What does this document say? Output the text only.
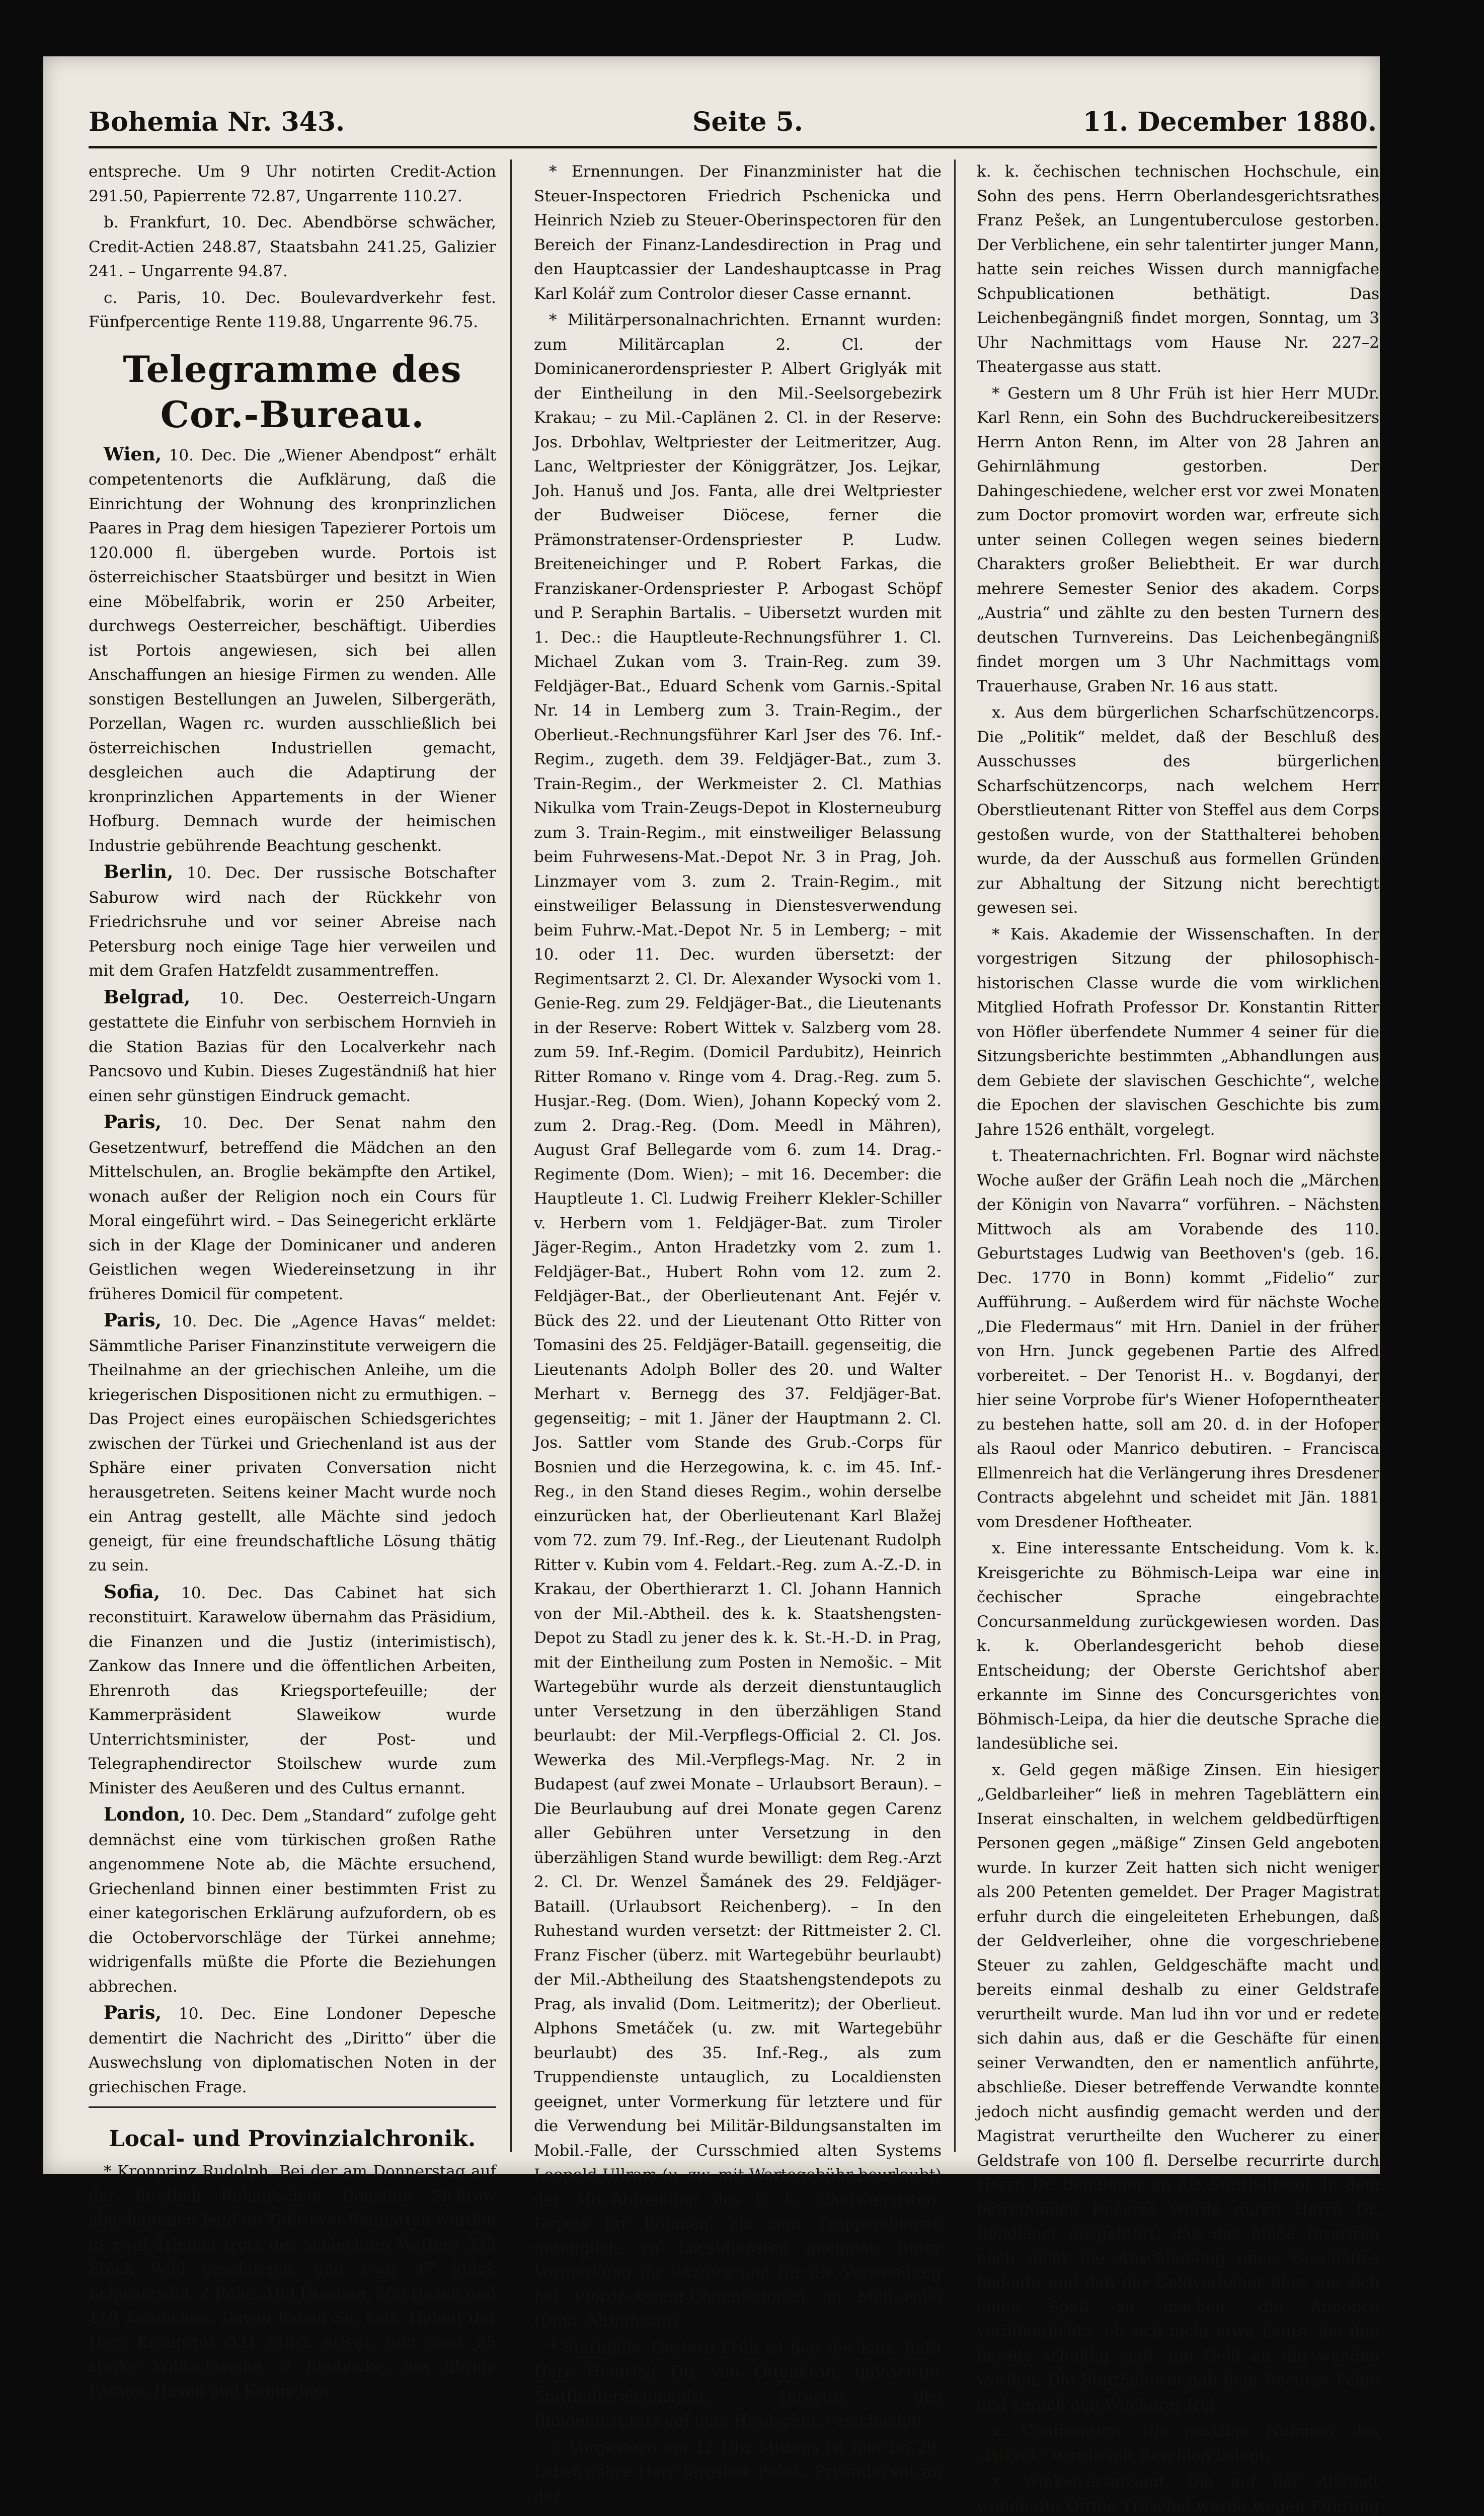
Bohemia Nr. 343.	Seite 5.	11. December 1880.

entspreche. Um 9 Uhr notirten Credit-Action 291.50, Papierrente 72.87, Ungarrente 110.27.

b. Frankfurt, 10. Dec. Abendbörse schwächer, Credit-Actien 248.87, Staatsbahn 241.25, Galizier 241. – Ungarrente 94.87.

c. Paris, 10. Dec. Boulevardverkehr fest. Fünfpercentige Rente 119.88, Ungarrente 96.75.

Telegramme des Cor.-Bureau.

Wien, 10. Dec. Die „Wiener Abendpost“ erhält competentenorts die Aufklärung, daß die Einrichtung der Wohnung des kronprinzlichen Paares in Prag dem hiesigen Tapezierer Portois um 120.000 fl. übergeben wurde. Portois ist österreichischer Staatsbürger und besitzt in Wien eine Möbelfabrik, worin er 250 Arbeiter, durchwegs Oesterreicher, beschäftigt. Uiberdies ist Portois angewiesen, sich bei allen Anschaffungen an hiesige Firmen zu wenden. Alle sonstigen Bestellungen an Juwelen, Silbergeräth, Porzellan, Wagen rc. wurden ausschließlich bei österreichischen Industriellen gemacht, desgleichen auch die Adaptirung der kronprinzlichen Appartements in der Wiener Hofburg. Demnach wurde der heimischen Industrie gebührende Beachtung geschenkt.

Berlin, 10. Dec. Der russische Botschafter Saburow wird nach der Rückkehr von Friedrichsruhe und vor seiner Abreise nach Petersburg noch einige Tage hier verweilen und mit dem Grafen Hatzfeldt zusammentreffen.

Belgrad, 10. Dec. Oesterreich-Ungarn gestattete die Einfuhr von serbischem Hornvieh in die Station Bazias für den Localverkehr nach Pancsovo und Kubin. Dieses Zugeständniß hat hier einen sehr günstigen Eindruck gemacht.

Paris, 10. Dec. Der Senat nahm den Gesetzentwurf, betreffend die Mädchen an den Mittelschulen, an. Broglie bekämpfte den Artikel, wonach außer der Religion noch ein Cours für Moral eingeführt wird. – Das Seinegericht erklärte sich in der Klage der Dominicaner und anderen Geistlichen wegen Wiedereinsetzung in ihr früheres Domicil für competent.

Paris, 10. Dec. Die „Agence Havas“ meldet: Sämmtliche Pariser Finanzinstitute verweigern die Theilnahme an der griechischen Anleihe, um die kriegerischen Dispositionen nicht zu ermuthigen. – Das Project eines europäischen Schiedsgerichtes zwischen der Türkei und Griechenland ist aus der Sphäre einer privaten Conversation nicht herausgetreten. Seitens keiner Macht wurde noch ein Antrag gestellt, alle Mächte sind jedoch geneigt, für eine freundschaftliche Lösung thätig zu sein.

Sofia, 10. Dec. Das Cabinet hat sich reconstituirt. Karawelow übernahm das Präsidium, die Finanzen und die Justiz (interimistisch), Zankow das Innere und die öffentlichen Arbeiten, Ehrenroth das Kriegsportefeuille; der Kammerpräsident Slaweikow wurde Unterrichtsminister, der Post- und Telegraphendirector Stoilschew wurde zum Minister des Aeußeren und des Cultus ernannt.

London, 10. Dec. Dem „Standard“ zufolge geht demnächst eine vom türkischen großen Rathe angenommene Note ab, die Mächte ersuchend, Griechenland binnen einer bestimmten Frist zu einer kategorischen Erklärung aufzufordern, ob es die Octobervorschläge der Türkei annehme; widrigenfalls müßte die Pforte die Beziehungen abbrechen.

Paris, 10. Dec. Eine Londoner Depesche dementirt die Nachricht des „Diritto“ über die Auswechslung von diplomatischen Noten in der griechischen Frage.

Local- und Provinzialchronik.

* Kronprinz Rudolph. Bei der am Donnerstag auf der fürstlich Rohan'schen Domaine Sichrow abgehaltenen Jagd im Zehrower Saugarten wurden in zwei Trieben trotz des schlechten Wetters 333 Stück Wild geschossen, und zwar 47 Stück Schwarzwild, 2 Rehe, 169 Fasanen, 505 Hasen und 110 Kaninchen. Davon haben Se. kais. Hoheit der Herr Kronprinz 331 Stück erlegt, und zwar 25 starke Wildschweine, 2 Rehböcke, das übrige Fasane, Hasen und Kaninchen.

* Ernennungen. Der Finanzminister hat die Steuer-Inspectoren Friedrich Pschenicka und Heinrich Nzieb zu Steuer-Oberinspectoren für den Bereich der Finanz-Landesdirection in Prag und den Hauptcassier der Landeshauptcasse in Prag Karl Kolář zum Controlor dieser Casse ernannt.

* Militärpersonalnachrichten. Ernannt wurden: zum Militärcaplan 2. Cl. der Dominicanerordenspriester P. Albert Griglyák mit der Eintheilung in den Mil.-Seelsorgebezirk Krakau; – zu Mil.-Caplänen 2. Cl. in der Reserve: Jos. Drbohlav, Weltpriester der Leitmeritzer, Aug. Lanc, Weltpriester der Königgrätzer, Jos. Lejkar, Joh. Hanuš und Jos. Fanta, alle drei Weltpriester der Budweiser Diöcese, ferner die Prämonstratenser-Ordenspriester P. Ludw. Breiteneichinger und P. Robert Farkas, die Franziskaner-Ordenspriester P. Arbogast Schöpf und P. Seraphin Bartalis. – Uibersetzt wurden mit 1. Dec.: die Hauptleute-Rechnungsführer 1. Cl. Michael Zukan vom 3. Train-Reg. zum 39. Feldjäger-Bat., Eduard Schenk vom Garnis.-Spital Nr. 14 in Lemberg zum 3. Train-Regim., der Oberlieut.-Rechnungsführer Karl Jser des 76. Inf.-Regim., zugeth. dem 39. Feldjäger-Bat., zum 3. Train-Regim., der Werkmeister 2. Cl. Mathias Nikulka vom Train-Zeugs-Depot in Klosterneuburg zum 3. Train-Regim., mit einstweiliger Belassung beim Fuhrwesens-Mat.-Depot Nr. 3 in Prag, Joh. Linzmayer vom 3. zum 2. Train-Regim., mit einstweiliger Belassung in Dienstesverwendung beim Fuhrw.-Mat.-Depot Nr. 5 in Lemberg; – mit 10. oder 11. Dec. wurden übersetzt: der Regimentsarzt 2. Cl. Dr. Alexander Wysocki vom 1. Genie-Reg. zum 29. Feldjäger-Bat., die Lieutenants in der Reserve: Robert Wittek v. Salzberg vom 28. zum 59. Inf.-Regim. (Domicil Pardubitz), Heinrich Ritter Romano v. Ringe vom 4. Drag.-Reg. zum 5. Husjar.-Reg. (Dom. Wien), Johann Kopecký vom 2. zum 2. Drag.-Reg. (Dom. Meedl in Mähren), August Graf Bellegarde vom 6. zum 14. Drag.-Regimente (Dom. Wien); – mit 16. December: die Hauptleute 1. Cl. Ludwig Freiherr Klekler-Schiller v. Herbern vom 1. Feldjäger-Bat. zum Tiroler Jäger-Regim., Anton Hradetzky vom 2. zum 1. Feldjäger-Bat., Hubert Rohn vom 12. zum 2. Feldjäger-Bat., der Oberlieutenant Ant. Fejér v. Bück des 22. und der Lieutenant Otto Ritter von Tomasini des 25. Feldjäger-Bataill. gegenseitig, die Lieutenants Adolph Boller des 20. und Walter Merhart v. Bernegg des 37. Feldjäger-Bat. gegenseitig; – mit 1. Jäner der Hauptmann 2. Cl. Jos. Sattler vom Stande des Grub.-Corps für Bosnien und die Herzegowina, k. c. im 45. Inf.-Reg., in den Stand dieses Regim., wohin derselbe einzurücken hat, der Oberlieutenant Karl Blažej vom 72. zum 79. Inf.-Reg., der Lieutenant Rudolph Ritter v. Kubin vom 4. Feldart.-Reg. zum A.-Z.-D. in Krakau, der Oberthierarzt 1. Cl. Johann Hannich von der Mil.-Abtheil. des k. k. Staatshengsten-Depot zu Stadl zu jener des k. k. St.-H.-D. in Prag, mit der Eintheilung zum Posten in Nemošic. – Mit Wartegebühr wurde als derzeit dienstuntauglich unter Versetzung in den überzähligen Stand beurlaubt: der Mil.-Verpflegs-Official 2. Cl. Jos. Wewerka des Mil.-Verpflegs-Mag. Nr. 2 in Budapest (auf zwei Monate – Urlaubsort Beraun). – Die Beurlaubung auf drei Monate gegen Carenz aller Gebühren unter Versetzung in den überzähligen Stand wurde bewilligt: dem Reg.-Arzt 2. Cl. Dr. Wenzel Šamánek des 29. Feldjäger-Bataill. (Urlaubsort Reichenberg). – In den Ruhestand wurden versetzt: der Rittmeister 2. Cl. Franz Fischer (überz. mit Wartegebühr beurlaubt) der Mil.-Abtheilung des Staatshengstendepots zu Prag, als invalid (Dom. Leitmeritz); der Oberlieut. Alphons Smetáček (u. zw. mit Wartegebühr beurlaubt) des 35. Inf.-Reg., als zum Truppendienste untauglich, zu Localdiensten geeignet, unter Vormerkung für letztere und für die Verwendung bei Militär-Bildungsanstalten im Mobil.-Falle, der Cursschmied alten Systems Leopold Ullram (u. zw. mit Wartegebühr beurlaubt) der Mil.-Abtheilung des k. k. Staatshengsten-Depots für Böhmen, als zum Truppendienste untauglich, zu Localdiensten geeignet, unter Vormerkung für letztere und für die Verwendung bei Pferde-Assent-Commissionen im Mob.-Falle (Dom. Altbunzlau).

* Sterbfälle. Gestern Früh ist hier der kais. Rath Herr Heinrich Ott von Ottenkron, quiescirter Statthaltereiconcipist, Director des Blindeninstituts auf dem Hradschin, verschieden.

x. Vorgestern um 12 Uhr Mittags ist hier im 29. Lebensjahre Herr Jaroslaw Pešek, Privatdocent an der

k. k. čechischen technischen Hochschule, ein Sohn des pens. Herrn Oberlandesgerichtsrathes Franz Pešek, an Lungentuberculose gestorben. Der Verblichene, ein sehr talentirter junger Mann, hatte sein reiches Wissen durch mannigfache Schpublicationen bethätigt. Das Leichenbegängniß findet morgen, Sonntag, um 3 Uhr Nachmittags vom Hause Nr. 227–2 Theatergasse aus statt.

* Gestern um 8 Uhr Früh ist hier Herr MUDr. Karl Renn, ein Sohn des Buchdruckereibesitzers Herrn Anton Renn, im Alter von 28 Jahren an Gehirnlähmung gestorben. Der Dahingeschiedene, welcher erst vor zwei Monaten zum Doctor promovirt worden war, erfreute sich unter seinen Collegen wegen seines biedern Charakters großer Beliebtheit. Er war durch mehrere Semester Senior des akadem. Corps „Austria“ und zählte zu den besten Turnern des deutschen Turnvereins. Das Leichenbegängniß findet morgen um 3 Uhr Nachmittags vom Trauerhause, Graben Nr. 16 aus statt.

x. Aus dem bürgerlichen Scharfschützencorps. Die „Politik“ meldet, daß der Beschluß des Ausschusses des bürgerlichen Scharfschützencorps, nach welchem Herr Oberstlieutenant Ritter von Steffel aus dem Corps gestoßen wurde, von der Statthalterei behoben wurde, da der Ausschuß aus formellen Gründen zur Abhaltung der Sitzung nicht berechtigt gewesen sei.

* Kais. Akademie der Wissenschaften. In der vorgestrigen Sitzung der philosophisch-historischen Classe wurde die vom wirklichen Mitglied Hofrath Professor Dr. Konstantin Ritter von Höfler überfendete Nummer 4 seiner für die Sitzungsberichte bestimmten „Abhandlungen aus dem Gebiete der slavischen Geschichte“, welche die Epochen der slavischen Geschichte bis zum Jahre 1526 enthält, vorgelegt.

t. Theaternachrichten. Frl. Bognar wird nächste Woche außer der Gräfin Leah noch die „Märchen der Königin von Navarra“ vorführen. – Nächsten Mittwoch als am Vorabende des 110. Geburtstages Ludwig van Beethoven's (geb. 16. Dec. 1770 in Bonn) kommt „Fidelio“ zur Aufführung. – Außerdem wird für nächste Woche „Die Fledermaus“ mit Hrn. Daniel in der früher von Hrn. Junck gegebenen Partie des Alfred vorbereitet. – Der Tenorist H.. v. Bogdanyi, der hier seine Vorprobe für's Wiener Hofoperntheater zu bestehen hatte, soll am 20. d. in der Hofoper als Raoul oder Manrico debutiren. – Francisca Ellmenreich hat die Verlängerung ihres Dresdener Contracts abgelehnt und scheidet mit Jän. 1881 vom Dresdener Hoftheater.

x. Eine interessante Entscheidung. Vom k. k. Kreisgerichte zu Böhmisch-Leipa war eine in čechischer Sprache eingebrachte Concursanmeldung zurückgewiesen worden. Das k. k. Oberlandesgericht behob diese Entscheidung; der Oberste Gerichtshof aber erkannte im Sinne des Concursgerichtes von Böhmisch-Leipa, da hier die deutsche Sprache die landesübliche sei.

x. Geld gegen mäßige Zinsen. Ein hiesiger „Geldbarleiher“ ließ in mehren Tageblättern ein Inserat einschalten, in welchem geldbedürftigen Personen gegen „mäßige“ Zinsen Geld angeboten wurde. In kurzer Zeit hatten sich nicht weniger als 200 Petenten gemeldet. Der Prager Magistrat erfuhr durch die eingeleiteten Erhebungen, daß der Geldverleiher, ohne die vorgeschriebene Steuer zu zahlen, Geldgeschäfte macht und bereits einmal deshalb zu einer Geldstrafe verurtheilt wurde. Man lud ihn vor und er redete sich dahin aus, daß er die Geschäfte für einen seiner Verwandten, den er namentlich anführte, abschließe. Dieser betreffende Verwandte konnte jedoch nicht ausfindig gemacht werden und der Magistrat verurtheilte den Wucherer zu einer Geldstrafe von 100 fl. Derselbe recurrirte durch Herrn Dr. Bendiener an die Statthalterei. In dem betreffenden Recurse wurde durch Herrn Dr. Bendiener ausgeführt, daß das bloße Inseriren noch nicht die Abschließung eines Geschäftes bedeute und daß der Geldverleiher blos, um sich einen Spaß zu machen, die Annonce veröffentlichte, ob sich nicht etwa Leute, die ihm bereits schuldig sind, um Geld an ihn wenden werden. Die Statthalterei gab dem Recurse Folge und sprach den Wucherer frei.

x. Confiscation. Die gestrige Nummer des „Pokrok“ wurde mit Beschlag belegt.

x. Winkelversatzamt. Die auf der Altstadt wohnhafte Ottilie Tröschel wurde wegen Führung
